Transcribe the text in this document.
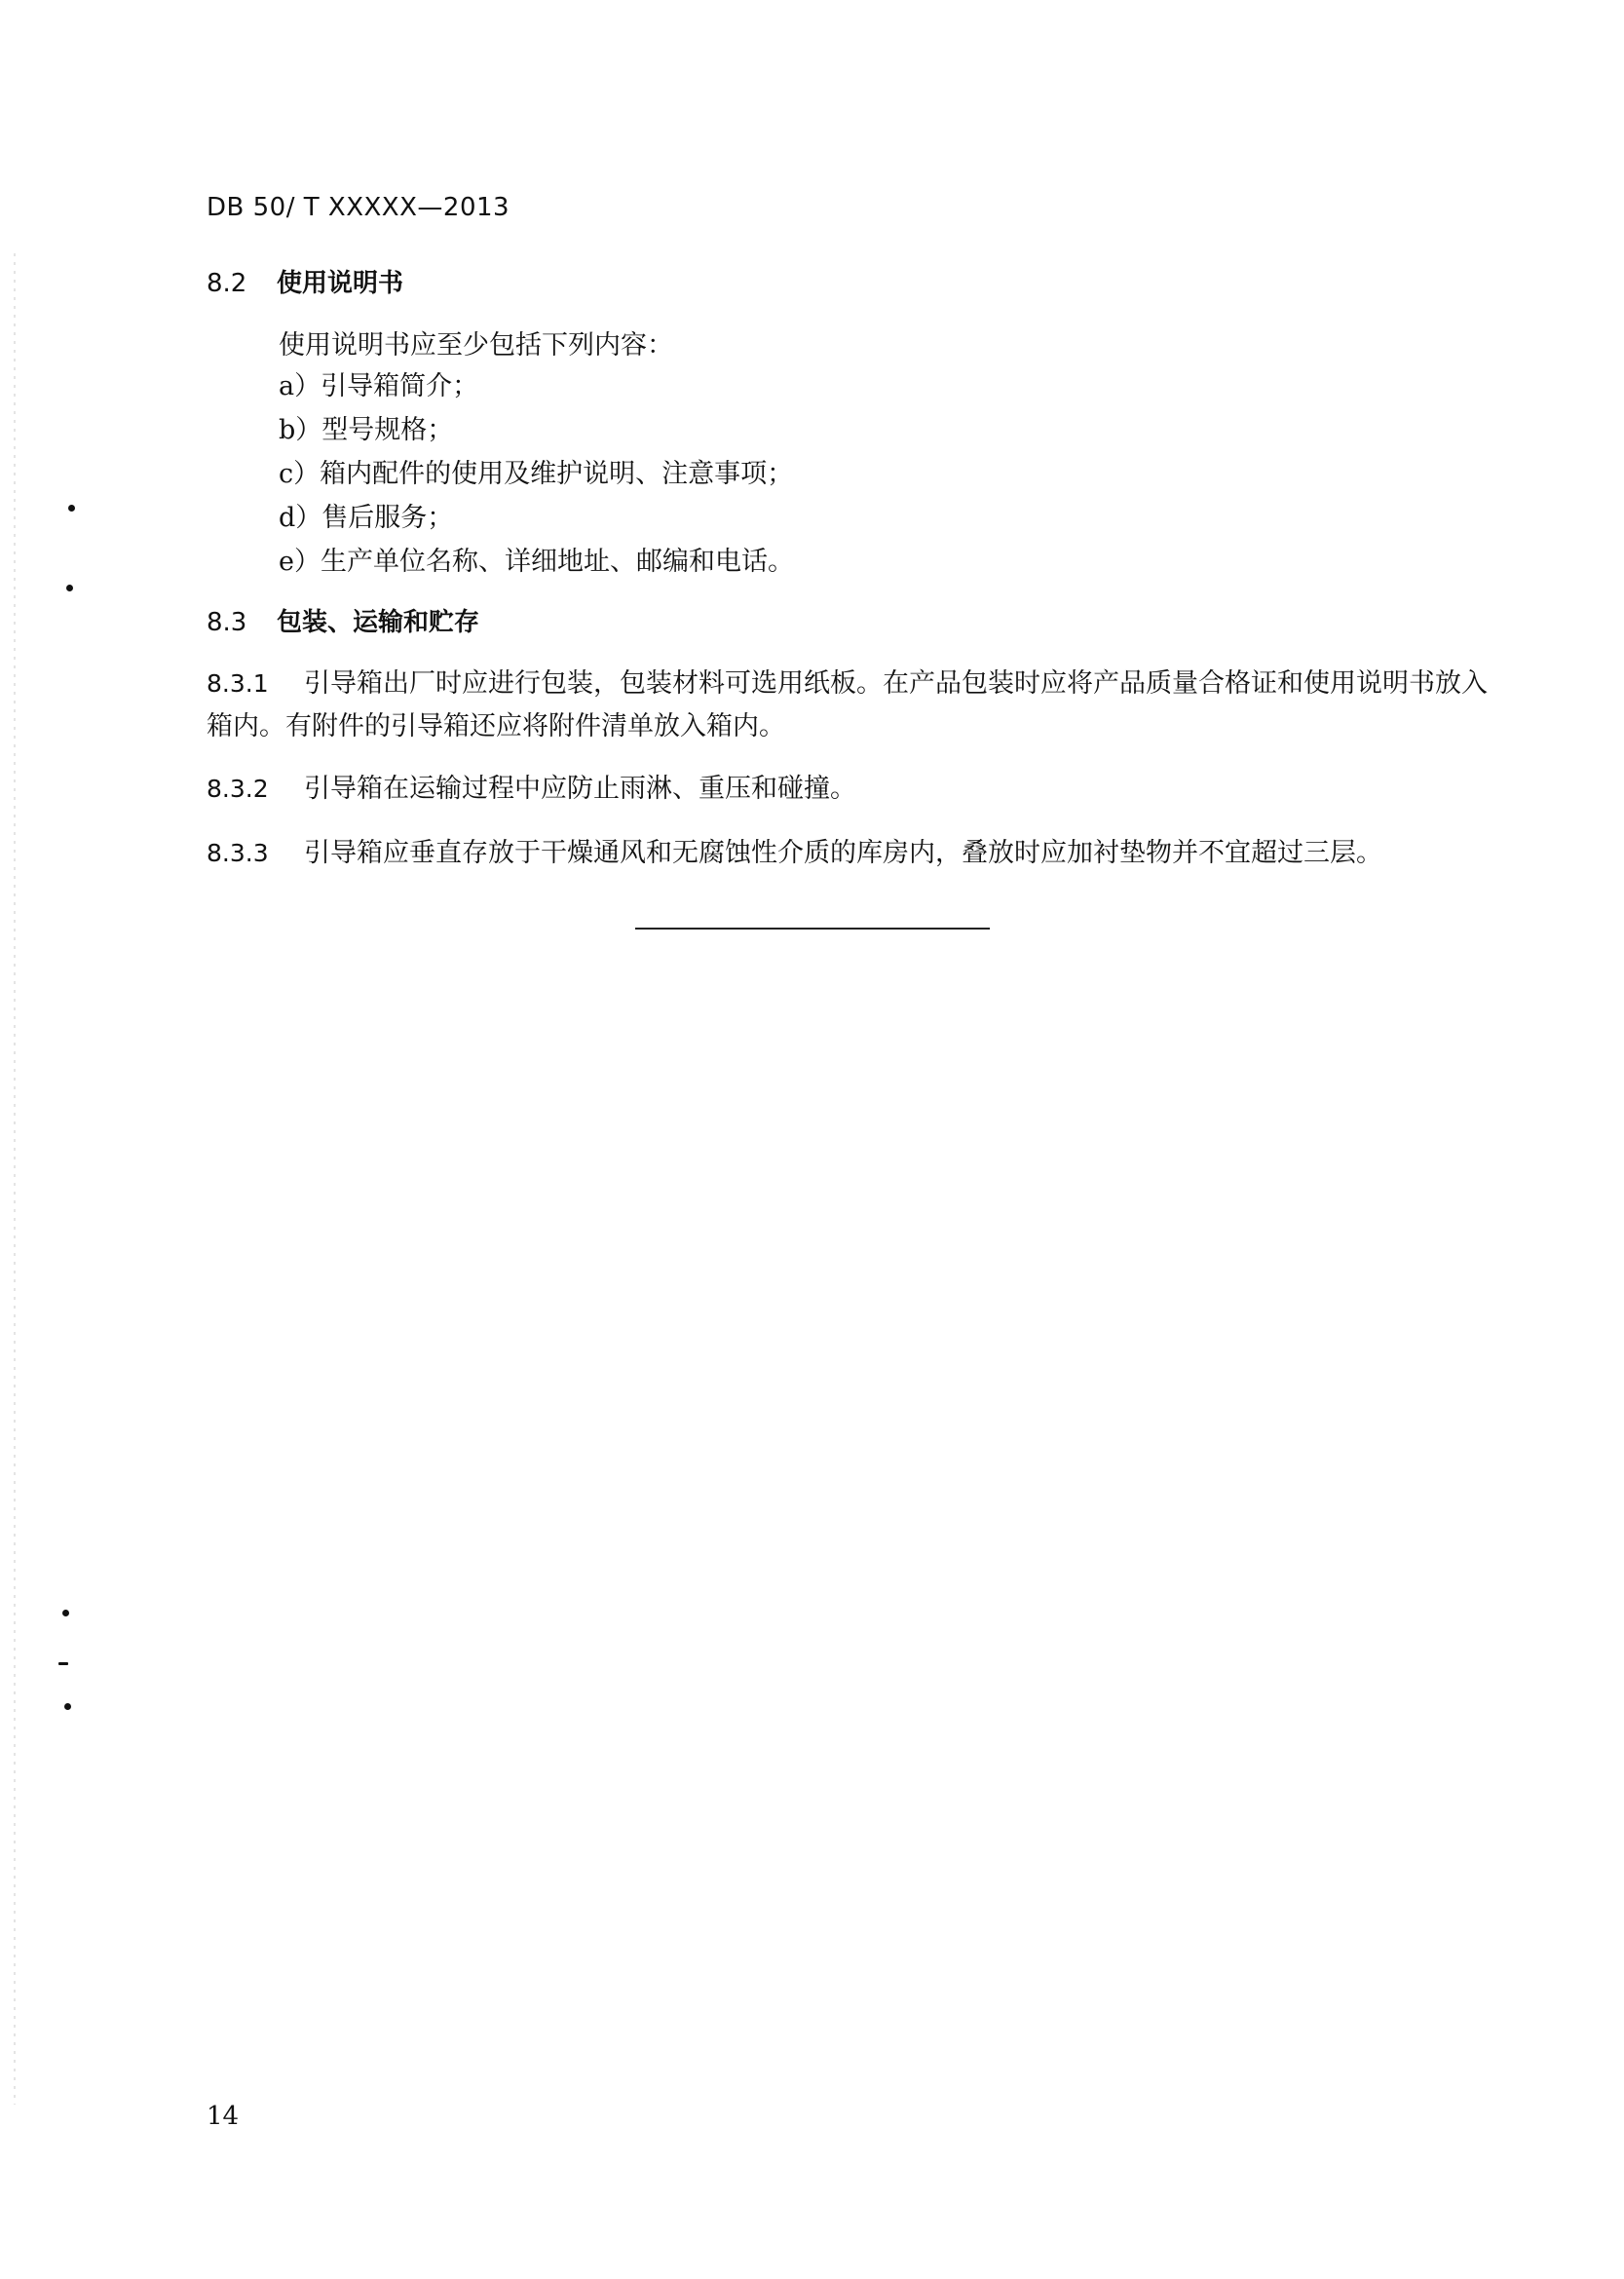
DB 50/ T XXXXX—2013
8.2 使用说明书
使用说明书应至少包括下列内容：
a）引导箱简介；
b）型号规格；
c）箱内配件的使用及维护说明、注意事项；
d）售后服务；
e）生产单位名称、详细地址、邮编和电话。
8.3 包装、运输和贮存
8.3.1 引导箱出厂时应进行包装，包装材料可选用纸板。在产品包装时应将产品质量合格证和使用说明书放入箱内。有附件的引导箱还应将附件清单放入箱内。
8.3.2 引导箱在运输过程中应防止雨淋、重压和碰撞。
8.3.3 引导箱应垂直存放于干燥通风和无腐蚀性介质的库房内，叠放时应加衬垫物并不宜超过三层。
14
